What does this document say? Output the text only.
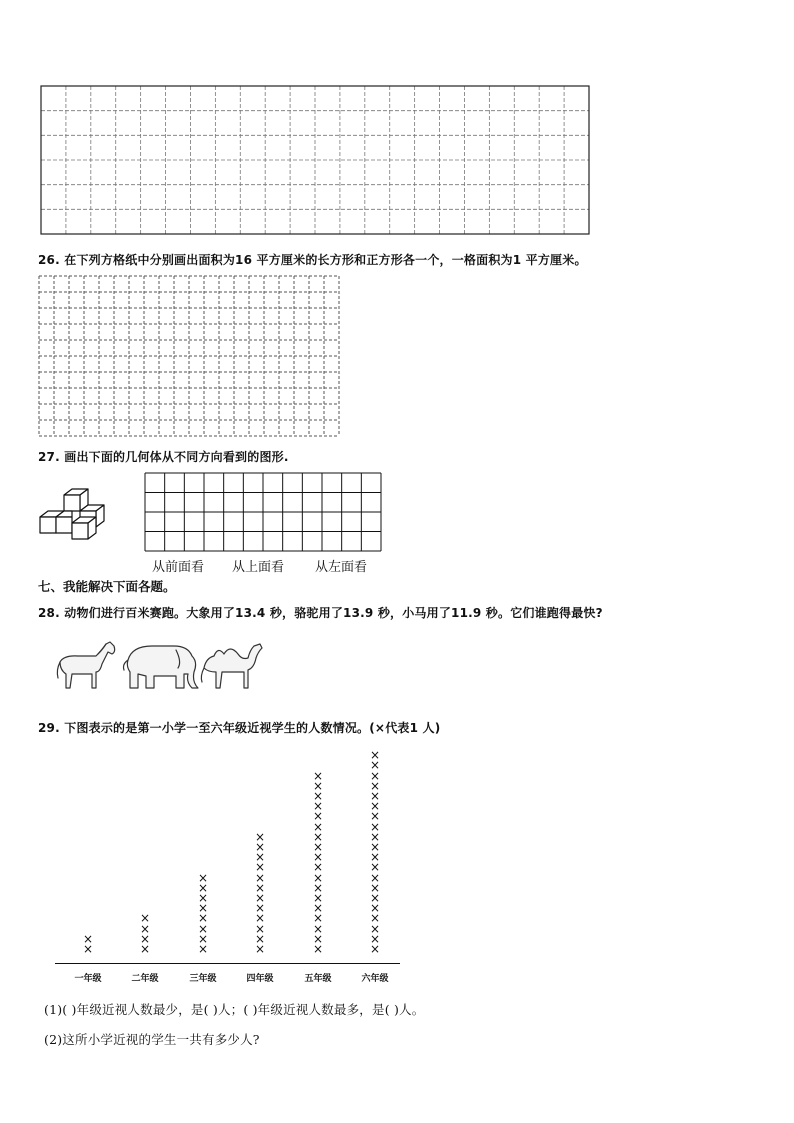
26. 在下列方格纸中分别画出面积为16 平方厘米的长方形和正方形各一个，一格面积为1 平方厘米。
27. 画出下面的几何体从不同方向看到的图形.
从前面看 从上面看 从左面看
七、我能解决下面各题。
28. 动物们进行百米赛跑。大象用了13.4 秒，骆驼用了13.9 秒，小马用了11.9 秒。它们谁跑得最快?
29. 下图表示的是第一小学一至六年级近视学生的人数情况。(×代表1 人)
×
×
一年级
×
×
×
×
二年级
×
×
×
×
×
×
×
×
三年级
×
×
×
×
×
×
×
×
×
×
×
×
四年级
×
×
×
×
×
×
×
×
×
×
×
×
×
×
×
×
×
×
五年级
×
×
×
×
×
×
×
×
×
×
×
×
×
×
×
×
×
×
×
×
六年级
(1)( )年级近视人数最少，是( )人；( )年级近视人数最多，是( )人。
(2)这所小学近视的学生一共有多少人?
